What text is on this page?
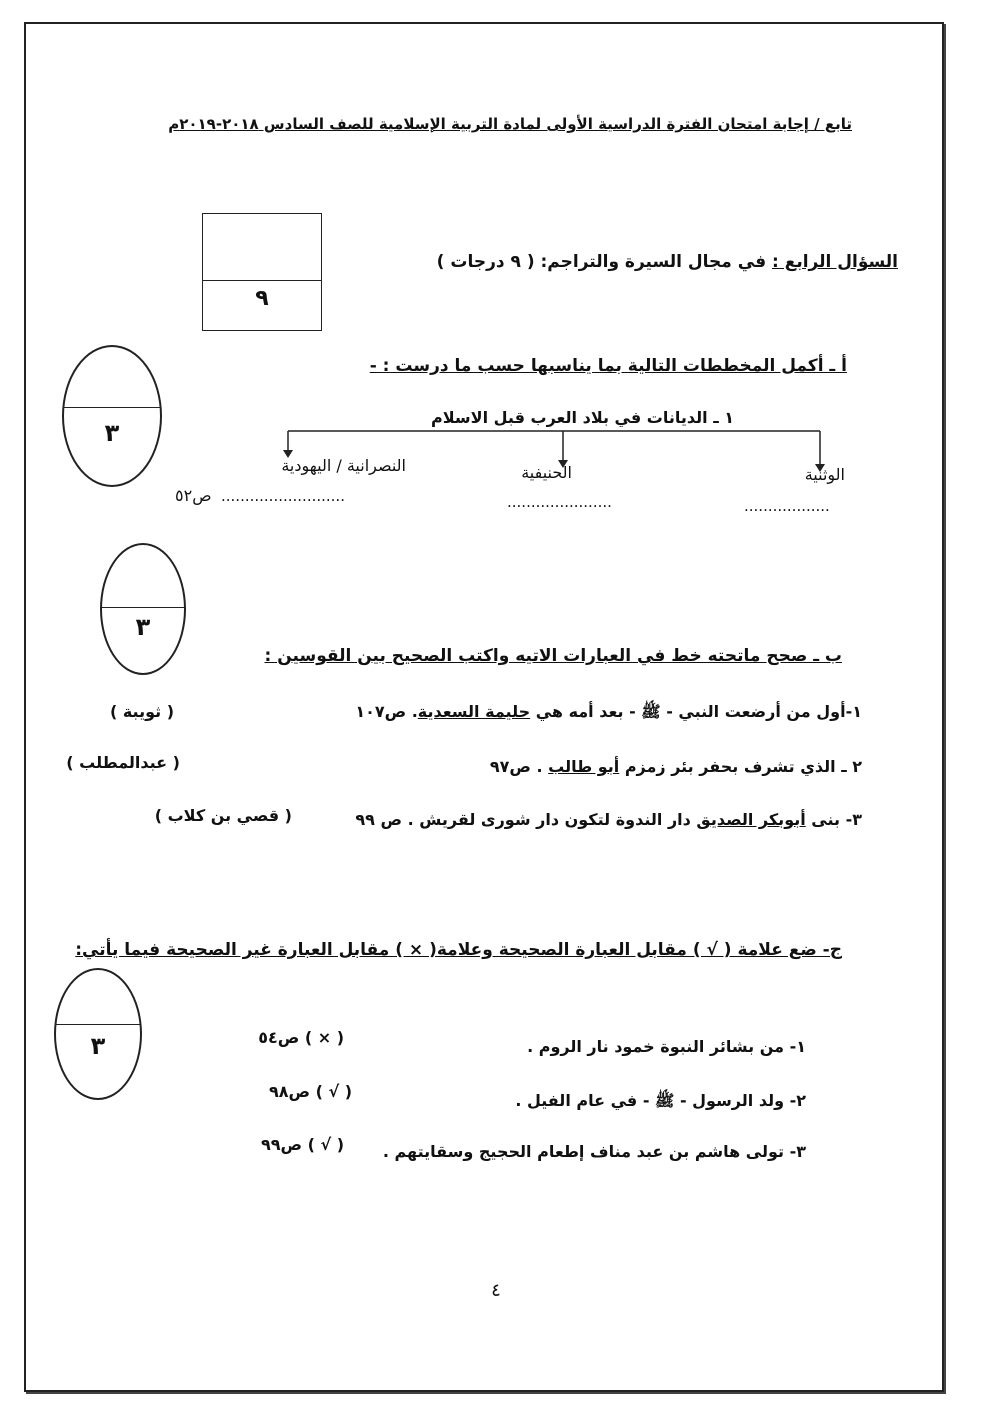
تابع / إجابة امتحان الفترة الدراسية الأولى لمادة التربية الإسلامية للصف السادس ٢٠١٨-٢٠١٩م
السؤال الرابع : في مجال السيرة والتراجم: ( ٩ درجات )
٩
٣
أ ـ أكمل المخططات التالية بما يناسبها حسب ما درست : -
١ ـ الديانات في بلاد العرب قبل الاسلام
النصرانية / اليهودية	الحنيفية	الوثنية
..................
......................
..........................
ص٥٢
٣
ب ـ صحح ماتحته خط في العبارات الاتيه واكتب الصحيح بين القوسين :
١-أول من أرضعت النبي - ﷺ - بعد أمه هي حليمة السعدية. ص١٠٧
( ثويبة )
٢ ـ الذي تشرف بحفر بئر زمزم أبو طالب . ص٩٧
( عبدالمطلب )
٣- بنى أبوبكر الصديق دار الندوة لتكون دار شورى لقريش . ص ٩٩
( قصي بن كلاب )
ج- ضع علامة ( √ ) مقابل العبارة الصحيحة وعلامة( × ) مقابل العبارة غير الصحيحة فيما يأتي:
٣	١- من بشائر النبوة خمود نار الروم .
( × ) ص٥٤
٢- ولد الرسول - ﷺ - في عام الفيل .
( √ ) ص٩٨
٣- تولى هاشم بن عبد مناف إطعام الحجيج وسقايتهم .
( √ ) ص٩٩
٤
